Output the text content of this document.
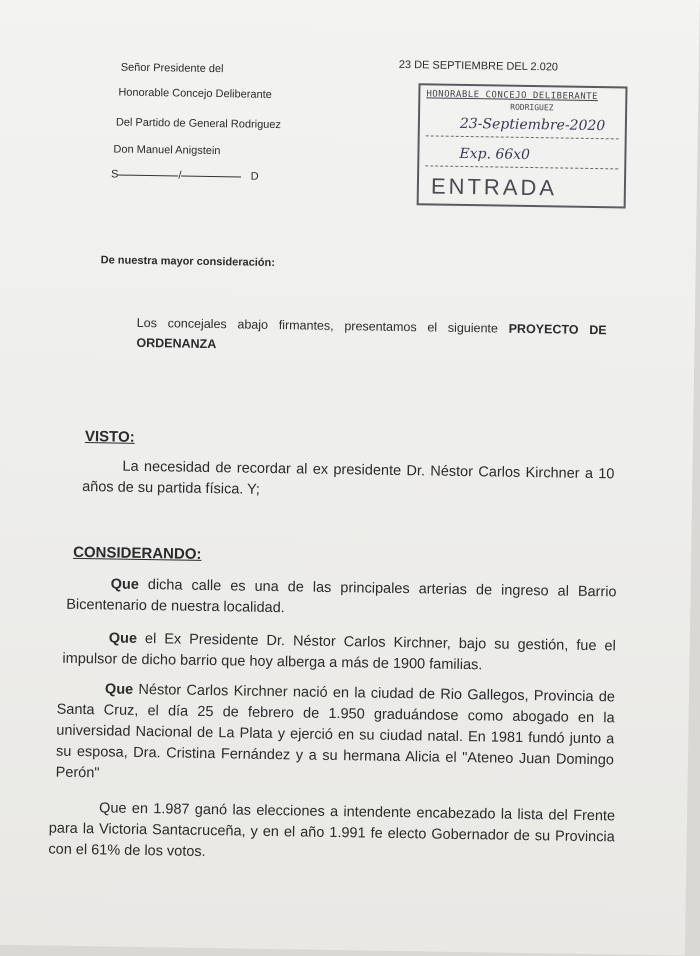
23 DE SEPTIEMBRE DEL 2.020
Señor Presidente del
Honorable Concejo Deliberante
Del Partido de General Rodriguez
Don Manuel Anigstein
S	/	D
HONORABLE CONCEJO DELIBERANTE
RODRIGUEZ
23-Septiembre-2020
Exp. 66x0
ENTRADA
De nuestra mayor consideración:
Los concejales abajo firmantes, presentamos el siguiente PROYECTO DE ORDENANZA
VISTO:
La necesidad de recordar al ex presidente Dr. Néstor Carlos Kirchner a 10 años de su partida física. Y;
CONSIDERANDO:
Que dicha calle es una de las principales arterias de ingreso al Barrio Bicentenario de nuestra localidad.
Que el Ex Presidente Dr. Néstor Carlos Kirchner, bajo su gestión, fue el impulsor de dicho barrio que hoy alberga a más de 1900 familias.
Que Néstor Carlos Kirchner nació en la ciudad de Rio Gallegos, Provincia de Santa Cruz, el día 25 de febrero de 1.950 graduándose como abogado en la universidad Nacional de La Plata y ejerció en su ciudad natal. En 1981 fundó junto a su esposa, Dra. Cristina Fernández y a su hermana Alicia el "Ateneo Juan Domingo Perón"
Que en 1.987 ganó las elecciones a intendente encabezado la lista del Frente para la Victoria Santacruceña, y en el año 1.991 fe electo Gobernador de su Provincia con el 61% de los votos.
